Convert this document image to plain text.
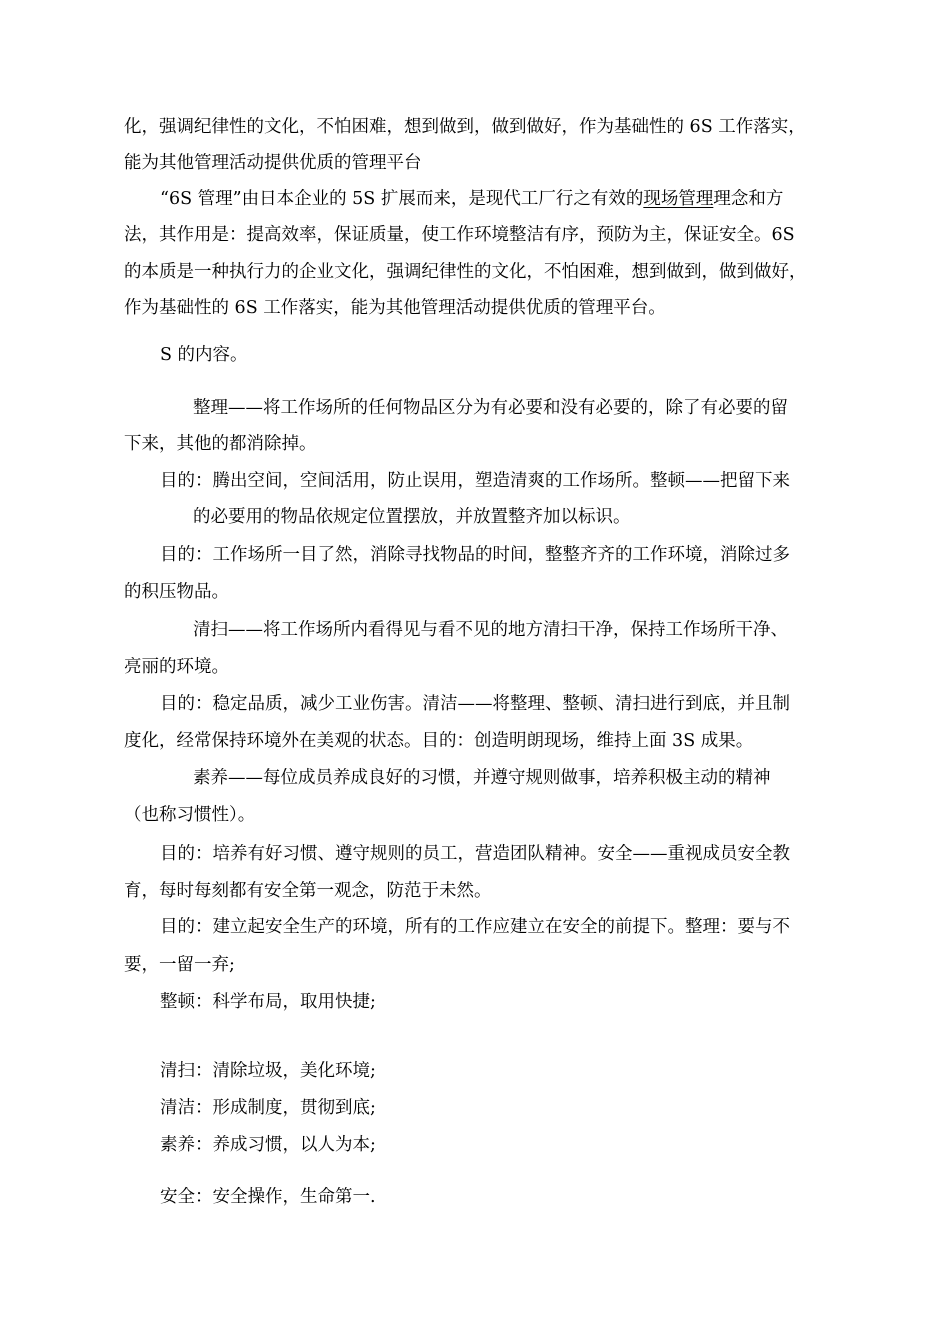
化，强调纪律性的文化，不怕困难，想到做到，做到做好，作为基础性的 6S 工作落实，
能为其他管理活动提供优质的管理平台
“6S 管理”由日本企业的 5S 扩展而来，是现代工厂行之有效的现场管理理念和方
法，其作用是：提高效率，保证质量，使工作环境整洁有序，预防为主，保证安全。6S
的本质是一种执行力的企业文化，强调纪律性的文化，不怕困难，想到做到，做到做好，
作为基础性的 6S 工作落实，能为其他管理活动提供优质的管理平台。
S 的内容。
整理——将工作场所的任何物品区分为有必要和没有必要的，除了有必要的留
下来，其他的都消除掉。
目的：腾出空间，空间活用，防止误用，塑造清爽的工作场所。整顿——把留下来
的必要用的物品依规定位置摆放，并放置整齐加以标识。
目的：工作场所一目了然，消除寻找物品的时间，整整齐齐的工作环境，消除过多
的积压物品。
清扫——将工作场所内看得见与看不见的地方清扫干净，保持工作场所干净、
亮丽的环境。
目的：稳定品质，减少工业伤害。清洁——将整理、整顿、清扫进行到底，并且制
度化，经常保持环境外在美观的状态。目的：创造明朗现场，维持上面 3S 成果。
素养——每位成员养成良好的习惯，并遵守规则做事，培养积极主动的精神
（也称习惯性）。
目的：培养有好习惯、遵守规则的员工，营造团队精神。安全——重视成员安全教
育，每时每刻都有安全第一观念，防范于未然。
目的：建立起安全生产的环境，所有的工作应建立在安全的前提下。整理：要与不
要，一留一弃;
整顿：科学布局，取用快捷;
清扫：清除垃圾，美化环境;
清洁：形成制度，贯彻到底;
素养：养成习惯，以人为本;
安全：安全操作，生命第一.
